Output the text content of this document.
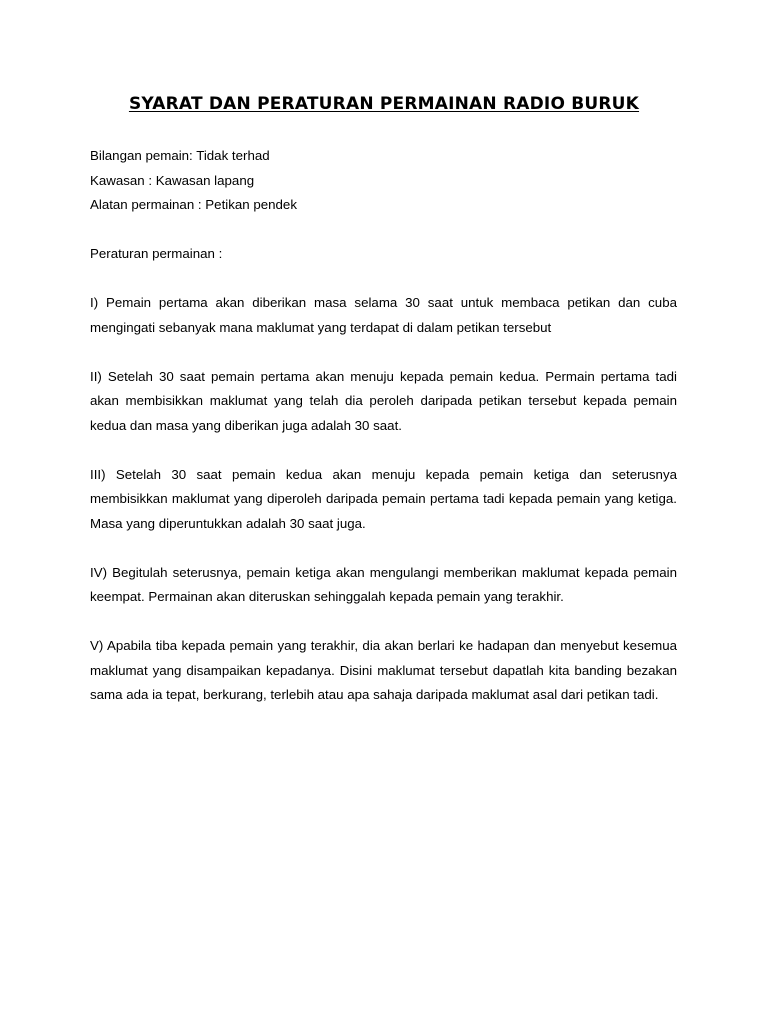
SYARAT DAN PERATURAN PERMAINAN RADIO BURUK

Bilangan pemain: Tidak terhad

Kawasan : Kawasan lapang

Alatan permainan : Petikan pendek

Peraturan permainan :

I) Pemain pertama akan diberikan masa selama 30 saat untuk membaca petikan dan cuba mengingati sebanyak mana maklumat yang terdapat di dalam petikan tersebut

II) Setelah 30 saat pemain pertama akan menuju kepada pemain kedua. Permain pertama tadi akan membisikkan maklumat yang telah dia peroleh daripada petikan tersebut kepada pemain kedua dan masa yang diberikan juga adalah 30 saat.

III) Setelah 30 saat pemain kedua akan menuju kepada pemain ketiga dan seterusnya membisikkan maklumat yang diperoleh daripada pemain pertama tadi kepada pemain yang ketiga. Masa yang diperuntukkan adalah 30 saat juga.

IV) Begitulah seterusnya, pemain ketiga akan mengulangi memberikan maklumat kepada pemain keempat. Permainan akan diteruskan sehinggalah kepada pemain yang terakhir.

V) Apabila tiba kepada pemain yang terakhir, dia akan berlari ke hadapan dan menyebut kesemua maklumat yang disampaikan kepadanya. Disini maklumat tersebut dapatlah kita banding bezakan sama ada ia tepat, berkurang, terlebih atau apa sahaja daripada maklumat asal dari petikan tadi.
